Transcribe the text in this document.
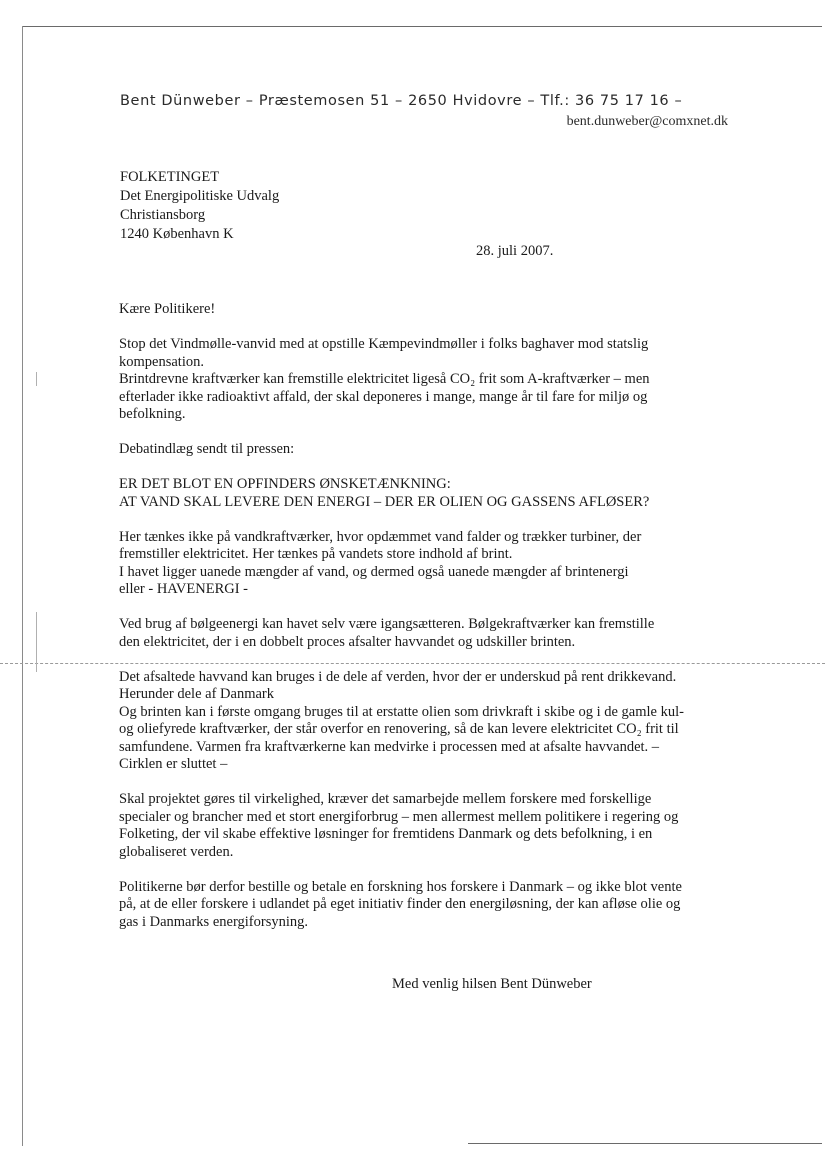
Bent Dünweber – Præstemosen 51 – 2650 Hvidovre – Tlf.: 36 75 17 16 –
bent.dunweber@comxnet.dk
FOLKETINGET
Det Energipolitiske Udvalg
Christiansborg
1240 København K
28. juli 2007.

Kære Politikere!

Stop det Vindmølle-vanvid med at opstille Kæmpevindmøller i folks baghaver mod statslig
kompensation.
Brintdrevne kraftværker kan fremstille elektricitet ligeså CO₂ frit som A-kraftværker – men
efterlader ikke radioaktivt affald, der skal deponeres i mange, mange år til fare for miljø og
befolkning.

Debatindlæg sendt til pressen:

ER DET BLOT EN OPFINDERS ØNSKETÆNKNING:
AT VAND SKAL LEVERE DEN ENERGI – DER ER OLIEN OG GASSENS AFLØSER?

Her tænkes ikke på vandkraftværker, hvor opdæmmet vand falder og trækker turbiner, der
fremstiller elektricitet. Her tænkes på vandets store indhold af brint.
I havet ligger uanede mængder af vand, og dermed også uanede mængder af brintenergi
eller - HAVENERGI -

Ved brug af bølgeenergi kan havet selv være igangsætteren. Bølgekraftværker kan fremstille
den elektricitet, der i en dobbelt proces afsalter havvandet og udskiller brinten.

Det afsaltede havvand kan bruges i de dele af verden, hvor der er underskud på rent drikkevand.
Herunder dele af Danmark
Og brinten kan i første omgang bruges til at erstatte olien som drivkraft i skibe og i de gamle kul-
og oliefyrede kraftværker, der står overfor en renovering, så de kan levere elektricitet CO₂ frit til
samfundene. Varmen fra kraftværkerne kan medvirke i processen med at afsalte havvandet. –
Cirklen er sluttet –

Skal projektet gøres til virkelighed, kræver det samarbejde mellem forskere med forskellige
specialer og brancher med et stort energiforbrug – men allermest mellem politikere i regering og
Folketing, der vil skabe effektive løsninger for fremtidens Danmark og dets befolkning, i en
globaliseret verden.

Politikerne bør derfor bestille og betale en forskning hos forskere i Danmark – og ikke blot vente
på, at de eller forskere i udlandet på eget initiativ finder den energiløsning, der kan afløse olie og
gas i Danmarks energiforsyning.

Med venlig hilsen Bent Dünweber
